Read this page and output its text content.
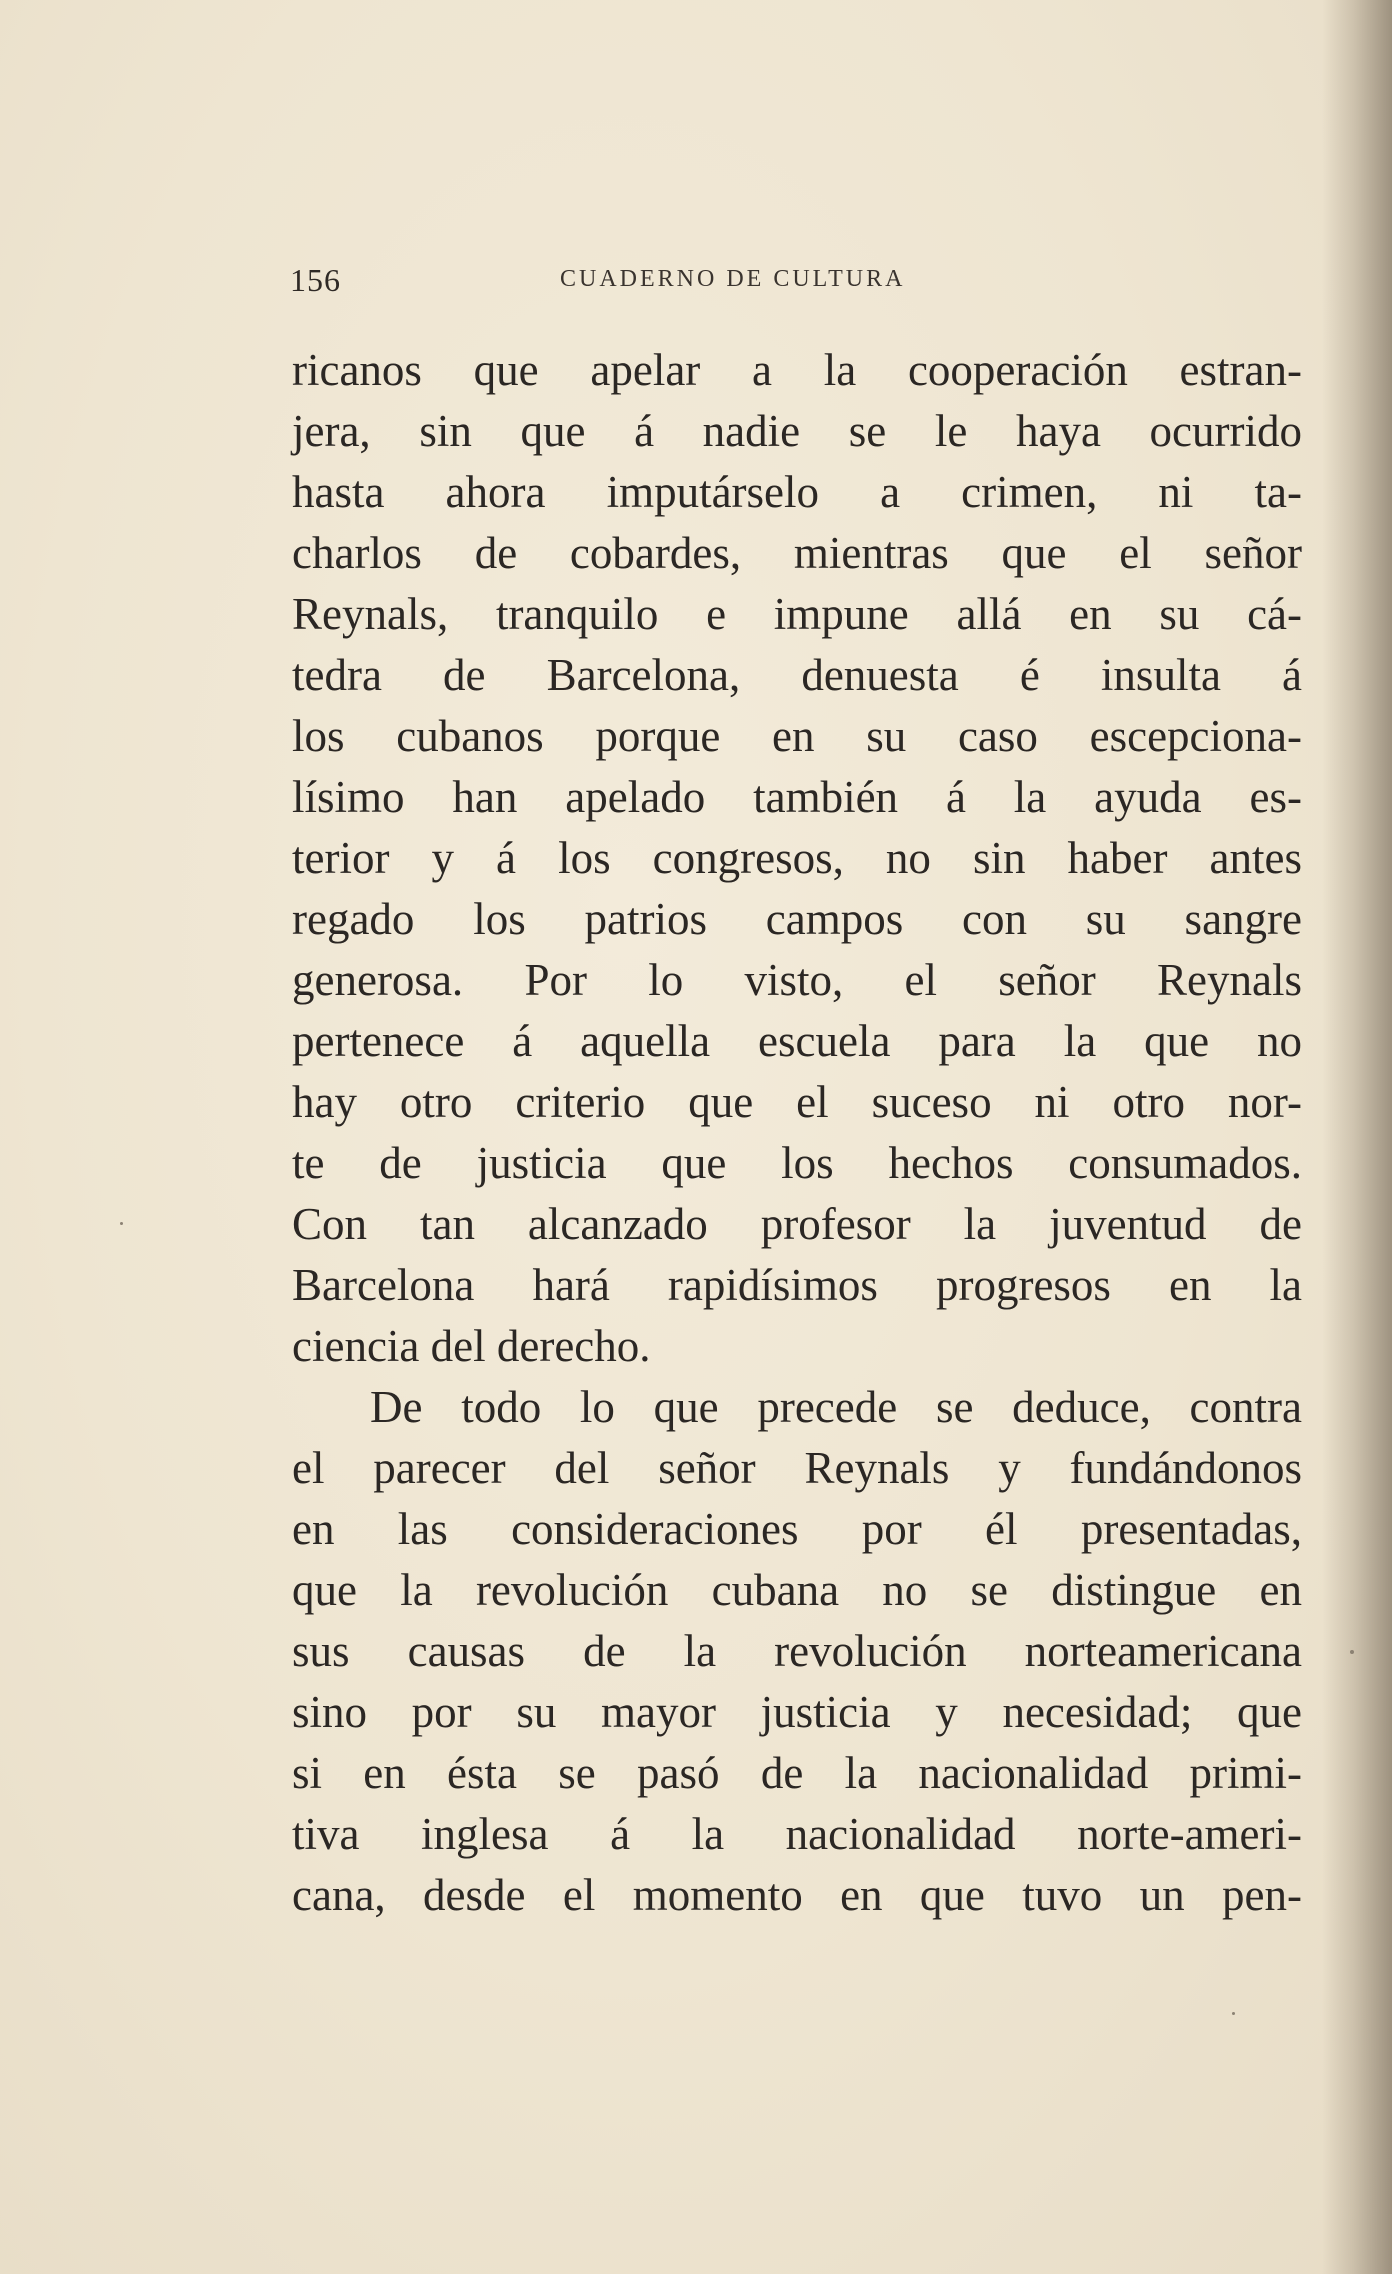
156	CUADERNO DE CULTURA
ricanos que apelar a la cooperación estran-
jera, sin que á nadie se le haya ocurrido
hasta ahora imputárselo a crimen, ni ta-
charlos de cobardes, mientras que el señor
Reynals, tranquilo e impune allá en su cá-
tedra de Barcelona, denuesta é insulta á
los cubanos porque en su caso escepciona-
lísimo han apelado también á la ayuda es-
terior y á los congresos, no sin haber antes
regado los patrios campos con su sangre
generosa. Por lo visto, el señor Reynals
pertenece á aquella escuela para la que no
hay otro criterio que el suceso ni otro nor-
te de justicia que los hechos consumados.
Con tan alcanzado profesor la juventud de
Barcelona hará rapidísimos progresos en la
ciencia del derecho.
De todo lo que precede se deduce, contra
el parecer del señor Reynals y fundándonos
en las consideraciones por él presentadas,
que la revolución cubana no se distingue en
sus causas de la revolución norteamericana
sino por su mayor justicia y necesidad; que
si en ésta se pasó de la nacionalidad primi-
tiva inglesa á la nacionalidad norte-ameri-
cana, desde el momento en que tuvo un pen-
